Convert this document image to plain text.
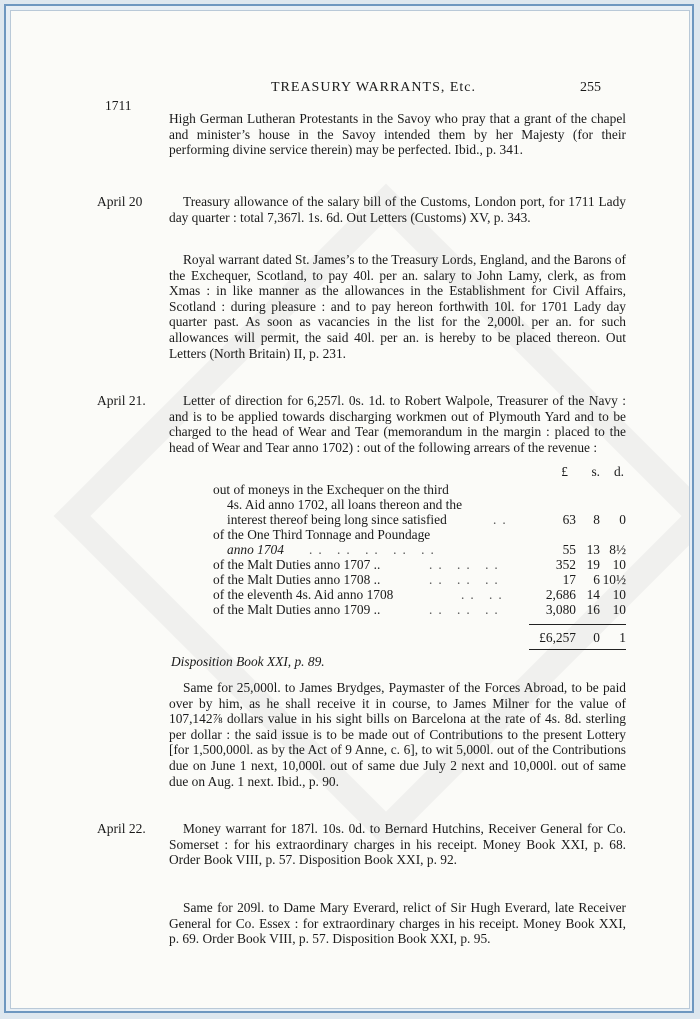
TREASURY WARRANTS, Etc.	255
1711

High German Lutheran Protestants in the Savoy who pray that a grant of the chapel and minister’s house in the Savoy intended them by her Majesty (for their performing divine service therein) may be perfected. Ibid., p. 341.

April 20	Treasury allowance of the salary bill of the Customs, London port, for 1711 Lady day quarter : total 7,367l. 1s. 6d. Out Letters (Customs) XV, p. 343.

Royal warrant dated St. James’s to the Treasury Lords, England, and the Barons of the Exchequer, Scotland, to pay 40l. per an. salary to John Lamy, clerk, as from Xmas : in like manner as the allowances in the Establishment for Civil Affairs, Scotland : during pleasure : and to pay hereon forthwith 10l. for 1701 Lady day quarter past. As soon as vacancies in the list for the 2,000l. per an. for such allowances will permit, the said 40l. per an. is hereby to be placed thereon. Out Letters (North Britain) II, p. 231.

April 21.	Letter of direction for 6,257l. 0s. 1d. to Robert Walpole, Treasurer of the Navy : and is to be applied towards discharging workmen out of Plymouth Yard and to be charged to the head of Wear and Tear (memorandum in the margin : placed to the head of Wear and Tear anno 1702) : out of the following arrears of the revenue :

£ s. d.
out of moneys in the Exchequer on the third
4s. Aid anno 1702, all loans thereon and the
interest thereof being long since satisfied	..	63 8 0
of the One Third Tonnage and Poundage
anno 1704 .. .. .. .. ..	55 13 8½
of the Malt Duties anno 1707 ..	.. .. ..	352 19 10
of the Malt Duties anno 1708 ..	.. .. ..	17 6 10½
of the eleventh 4s. Aid anno 1708	.. ..	2,686 14 10
of the Malt Duties anno 1709 ..	.. .. ..	3,080 16 10
£6,257 0 1
Disposition Book XXI, p. 89.

Same for 25,000l. to James Brydges, Paymaster of the Forces Abroad, to be paid over by him, as he shall receive it in course, to James Milner for the value of 107,142⅞ dollars value in his sight bills on Barcelona at the rate of 4s. 8d. sterling per dollar : the said issue is to be made out of Contributions to the present Lottery [for 1,500,000l. as by the Act of 9 Anne, c. 6], to wit 5,000l. out of the Contributions due on June 1 next, 10,000l. out of same due July 2 next and 10,000l. out of same due on Aug. 1 next. Ibid., p. 90.

April 22.	Money warrant for 187l. 10s. 0d. to Bernard Hutchins, Receiver General for Co. Somerset : for his extraordinary charges in his receipt. Money Book XXI, p. 68. Order Book VIII, p. 57. Disposition Book XXI, p. 92.

Same for 209l. to Dame Mary Everard, relict of Sir Hugh Everard, late Receiver General for Co. Essex : for extraordinary charges in his receipt. Money Book XXI, p. 69. Order Book VIII, p. 57. Disposition Book XXI, p. 95.
